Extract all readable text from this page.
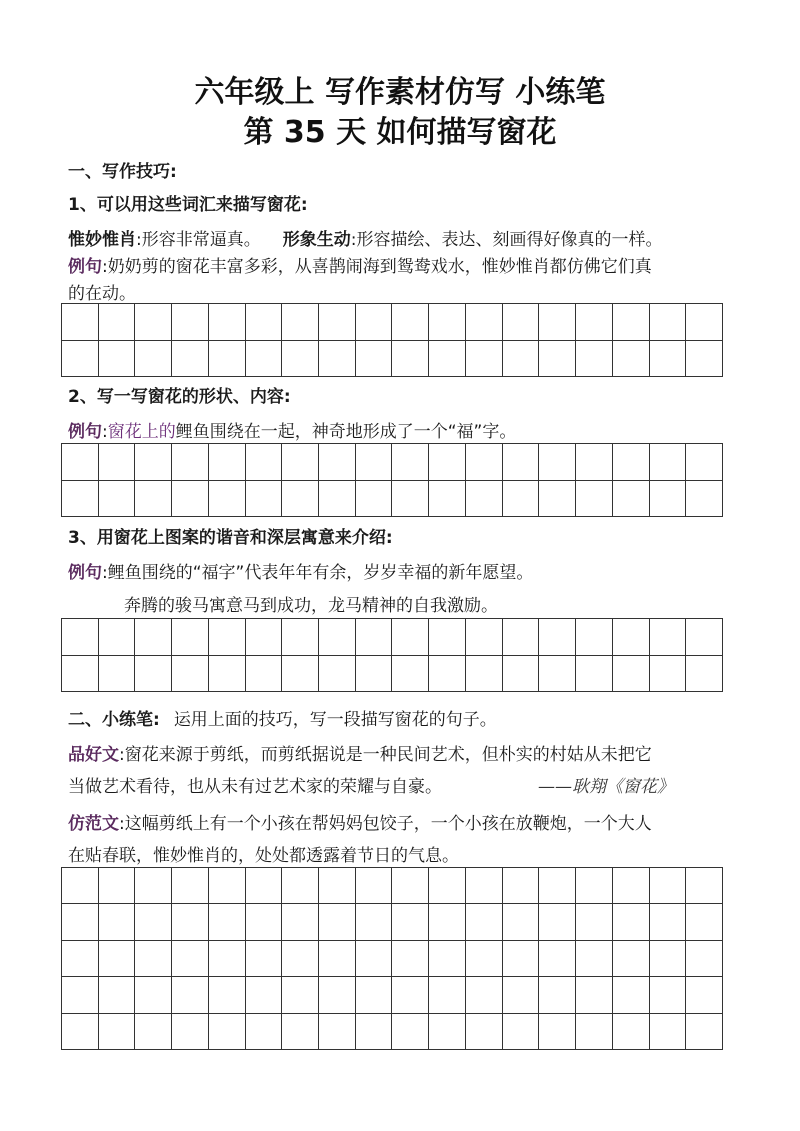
六年级上 写作素材仿写 小练笔
第 35 天 如何描写窗花
一、写作技巧:
1、可以用这些词汇来描写窗花:
惟妙惟肖:形容非常逼真。 形象生动:形容描绘、表达、刻画得好像真的一样。
例句:奶奶剪的窗花丰富多彩，从喜鹊闹海到鸳鸯戏水，惟妙惟肖都仿佛它们真
的在动。
2、写一写窗花的形状、内容:
例句:窗花上的鲤鱼围绕在一起，神奇地形成了一个“福”字。
3、用窗花上图案的谐音和深层寓意来介绍:
例句:鲤鱼围绕的“福字”代表年年有余，岁岁幸福的新年愿望。
奔腾的骏马寓意马到成功，龙马精神的自我激励。
二、小练笔: 运用上面的技巧，写一段描写窗花的句子。
品好文:窗花来源于剪纸，而剪纸据说是一种民间艺术，但朴实的村姑从未把它
当做艺术看待，也从未有过艺术家的荣耀与自豪。	——耿翔《窗花》
仿范文:这幅剪纸上有一个小孩在帮妈妈包饺子，一个小孩在放鞭炮，一个大人
在贴春联，惟妙惟肖的，处处都透露着节日的气息。
